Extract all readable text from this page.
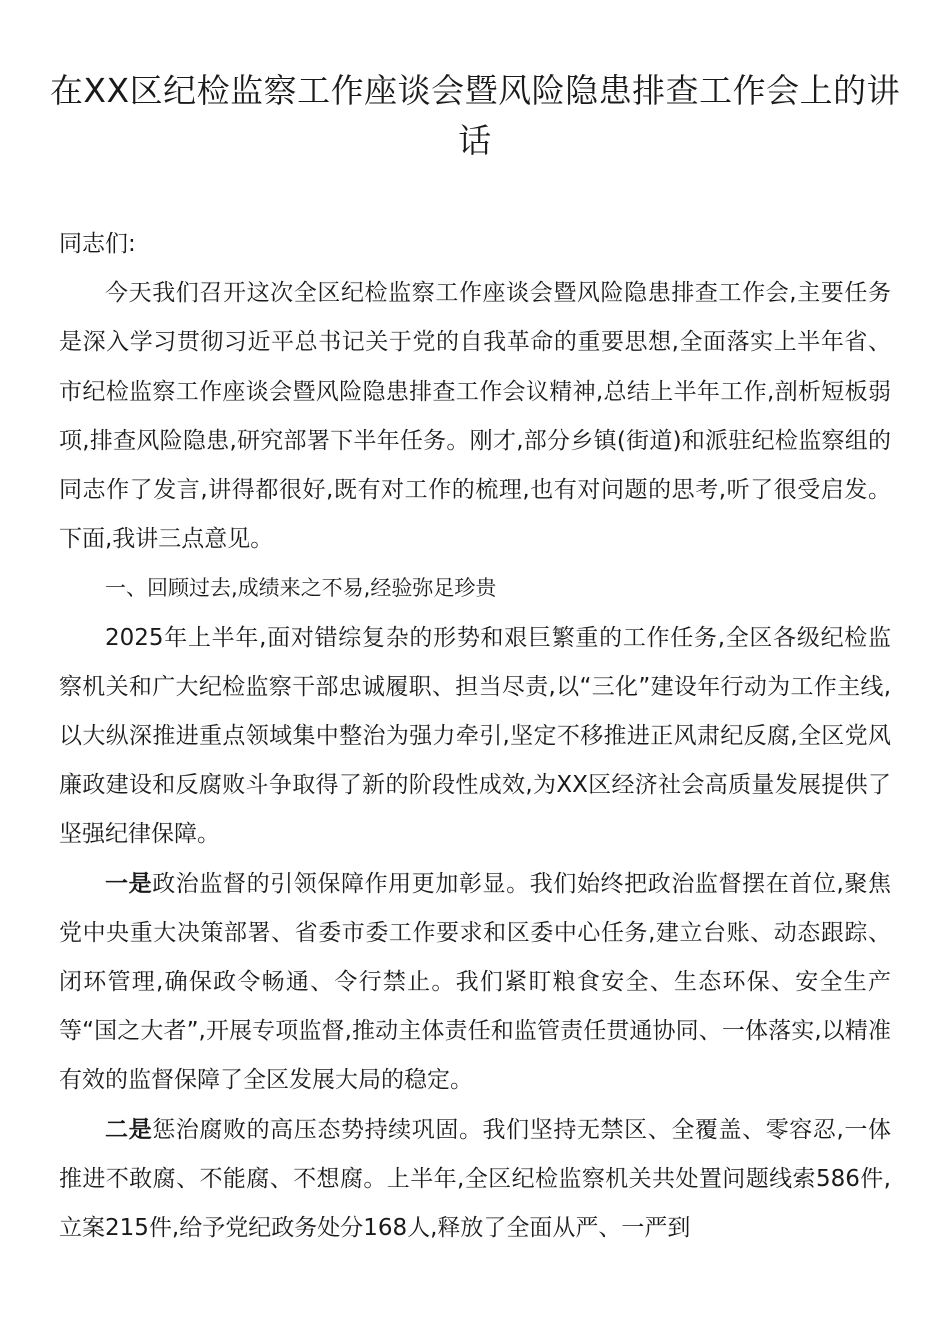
在XX区纪检监察工作座谈会暨风险隐患排查工作会上的讲话

同志们:

今天我们召开这次全区纪检监察工作座谈会暨风险隐患排查工作会,主要任务是深入学习贯彻习近平总书记关于党的自我革命的重要思想,全面落实上半年省、市纪检监察工作座谈会暨风险隐患排查工作会议精神,总结上半年工作,剖析短板弱项,排查风险隐患,研究部署下半年任务。刚才,部分乡镇(街道)和派驻纪检监察组的同志作了发言,讲得都很好,既有对工作的梳理,也有对问题的思考,听了很受启发。下面,我讲三点意见。

一、回顾过去,成绩来之不易,经验弥足珍贵

2025年上半年,面对错综复杂的形势和艰巨繁重的工作任务,全区各级纪检监察机关和广大纪检监察干部忠诚履职、担当尽责,以“三化”建设年行动为工作主线,以大纵深推进重点领域集中整治为强力牵引,坚定不移推进正风肃纪反腐,全区党风廉政建设和反腐败斗争取得了新的阶段性成效,为XX区经济社会高质量发展提供了坚强纪律保障。

一是政治监督的引领保障作用更加彰显。我们始终把政治监督摆在首位,聚焦党中央重大决策部署、省委市委工作要求和区委中心任务,建立台账、动态跟踪、闭环管理,确保政令畅通、令行禁止。我们紧盯粮食安全、生态环保、安全生产等“国之大者”,开展专项监督,推动主体责任和监管责任贯通协同、一体落实,以精准有效的监督保障了全区发展大局的稳定。

二是惩治腐败的高压态势持续巩固。我们坚持无禁区、全覆盖、零容忍,一体推进不敢腐、不能腐、不想腐。上半年,全区纪检监察机关共处置问题线索586件,立案215件,给予党纪政务处分168人,释放了全面从严、一严到
